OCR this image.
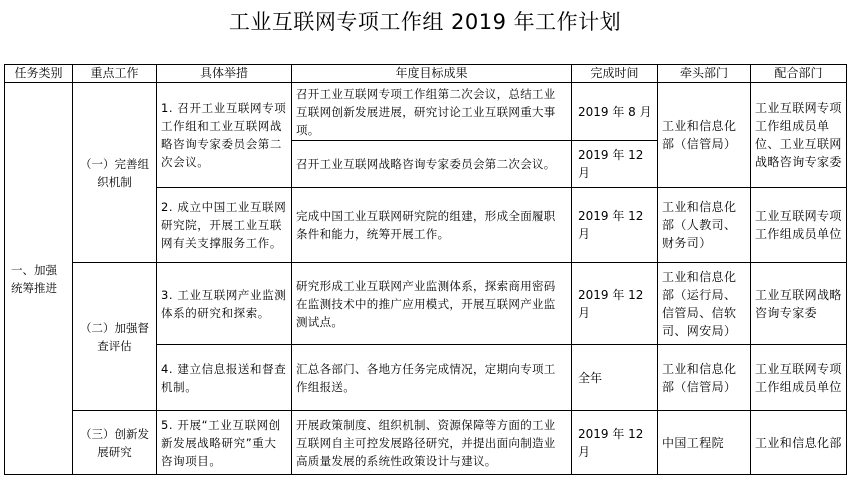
工业互联网专项工作组 2019 年工作计划
任务类别	重点工作	具体举措	年度目标成果	完成时间	牵头部门	配合部门
一、加强统筹推进	（一）完善组织机制	1. 召开工业互联网专项工作组和工业互联网战略咨询专家委员会第二次会议。	召开工业互联网专项工作组第二次会议，总结工业互联网创新发展进展，研究讨论工业互联网重大事项。	2019 年 8 月	工业和信息化部（信管局）	工业互联网专项工作组成员单位、工业互联网战略咨询专家委
			召开工业互联网战略咨询专家委员会第二次会议。	2019 年 12 月		
		2. 成立中国工业互联网研究院，开展工业互联网有关支撑服务工作。	完成中国工业互联网研究院的组建，形成全面履职条件和能力，统筹开展工作。	2019 年 12 月	工业和信息化部（人教司、财务司）	工业互联网专项工作组成员单位
	（二）加强督查评估	3. 工业互联网产业监测体系的研究和探索。	研究形成工业互联网产业监测体系，探索商用密码在监测技术中的推广应用模式，开展互联网产业监测试点。	2019 年 12 月	工业和信息化部（运行局、信管局、信软司、网安局）	工业互联网战略咨询专家委
		4. 建立信息报送和督查机制。	汇总各部门、各地方任务完成情况，定期向专项工作组报送。	全年	工业和信息化部（信管局）	工业互联网专项工作组成员单位
	（三）创新发展研究	5. 开展“工业互联网创新发展战略研究”重大咨询项目。	开展政策制度、组织机制、资源保障等方面的工业互联网自主可控发展路径研究，并提出面向制造业高质量发展的系统性政策设计与建议。	2019 年 12 月	中国工程院	工业和信息化部
